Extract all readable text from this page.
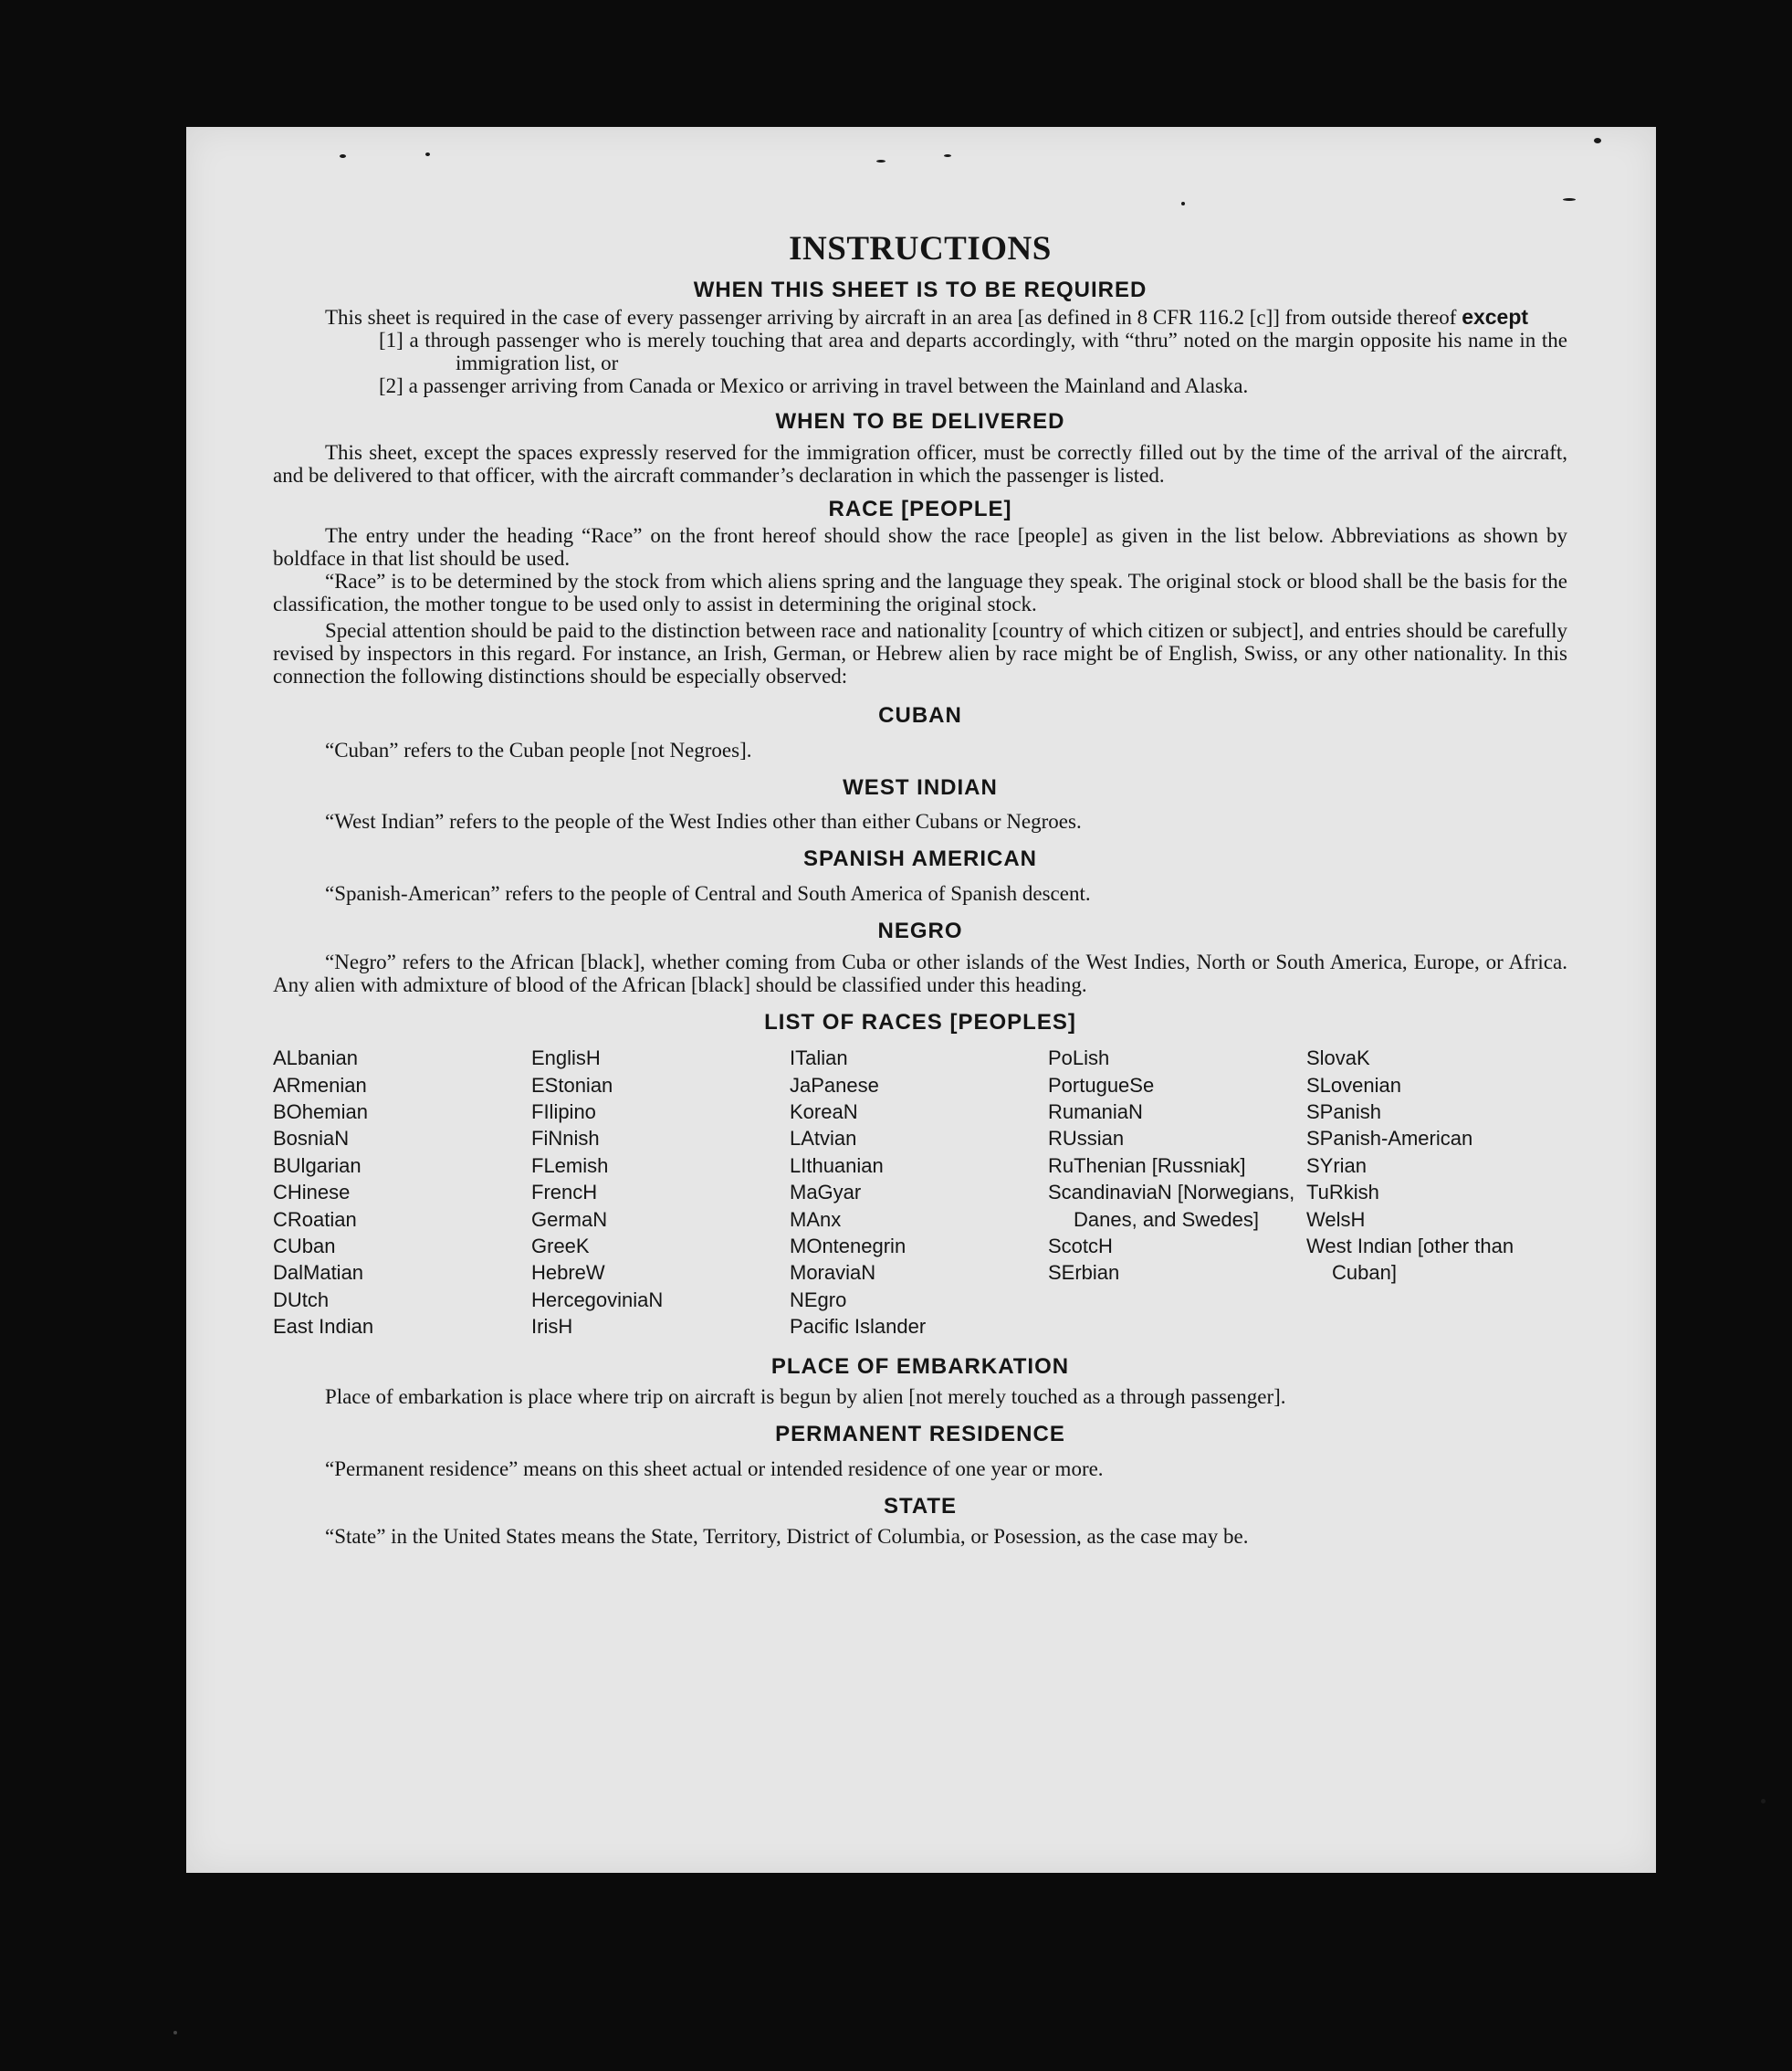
INSTRUCTIONS
WHEN THIS SHEET IS TO BE REQUIRED

This sheet is required in the case of every passenger arriving by aircraft in an area [as defined in 8 CFR 116.2 [c]] from outside thereof except

[1] a through passenger who is merely touching that area and departs accordingly, with “thru” noted on the margin opposite his name in the immigration list, or

[2] a passenger arriving from Canada or Mexico or arriving in travel between the Mainland and Alaska.

WHEN TO BE DELIVERED

This sheet, except the spaces expressly reserved for the immigration officer, must be correctly filled out by the time of the arrival of the aircraft, and be delivered to that officer, with the aircraft commander’s declaration in which the passenger is listed.

RACE [PEOPLE]

The entry under the heading “Race” on the front hereof should show the race [people] as given in the list below. Abbreviations as shown by boldface in that list should be used.

“Race” is to be determined by the stock from which aliens spring and the language they speak. The original stock or blood shall be the basis for the classification, the mother tongue to be used only to assist in determining the original stock.

Special attention should be paid to the distinction between race and nationality [country of which citizen or subject], and entries should be carefully revised by inspectors in this regard. For instance, an Irish, German, or Hebrew alien by race might be of English, Swiss, or any other nationality. In this connection the following distinctions should be especially observed:

CUBAN

“Cuban” refers to the Cuban people [not Negroes].

WEST INDIAN

“West Indian” refers to the people of the West Indies other than either Cubans or Negroes.

SPANISH AMERICAN

“Spanish-American” refers to the people of Central and South America of Spanish descent.

NEGRO

“Negro” refers to the African [black], whether coming from Cuba or other islands of the West Indies, North or South America, Europe, or Africa. Any alien with admixture of blood of the African [black] should be classified under this heading.

LIST OF RACES [PEOPLES]
ALbanian
ARmenian
BOhemian
BosniaN
BUlgarian
CHinese
CRoatian
CUban
DalMatian
DUtch
East Indian
EnglisH
EStonian
FIlipino
FiNnish
FLemish
FrencH
GermaN
GreeK
HebreW
HercegovinіaN
IrisH
ITalian
JaPanese
KoreaN
LAtvian
LIthuanian
MaGyar
MAnx
MOntenegrin
MoraviaN
NEgro
Pacific Islander
PoLish
PortugueSe
RumaniaN
RUssian
RuThenian [Russniak]
ScandinaviaN [Norwegians, Danes, and Swedes]
ScotcH
SErbian
SlovaK
SLovenian
SPanish
SPanish-American
SYrian
TuRkish
WelsH
West Indian [other than Cuban]
PLACE OF EMBARKATION

Place of embarkation is place where trip on aircraft is begun by alien [not merely touched as a through passenger].

PERMANENT RESIDENCE

“Permanent residence” means on this sheet actual or intended residence of one year or more.

STATE

“State” in the United States means the State, Territory, District of Columbia, or Posession, as the case may be.
